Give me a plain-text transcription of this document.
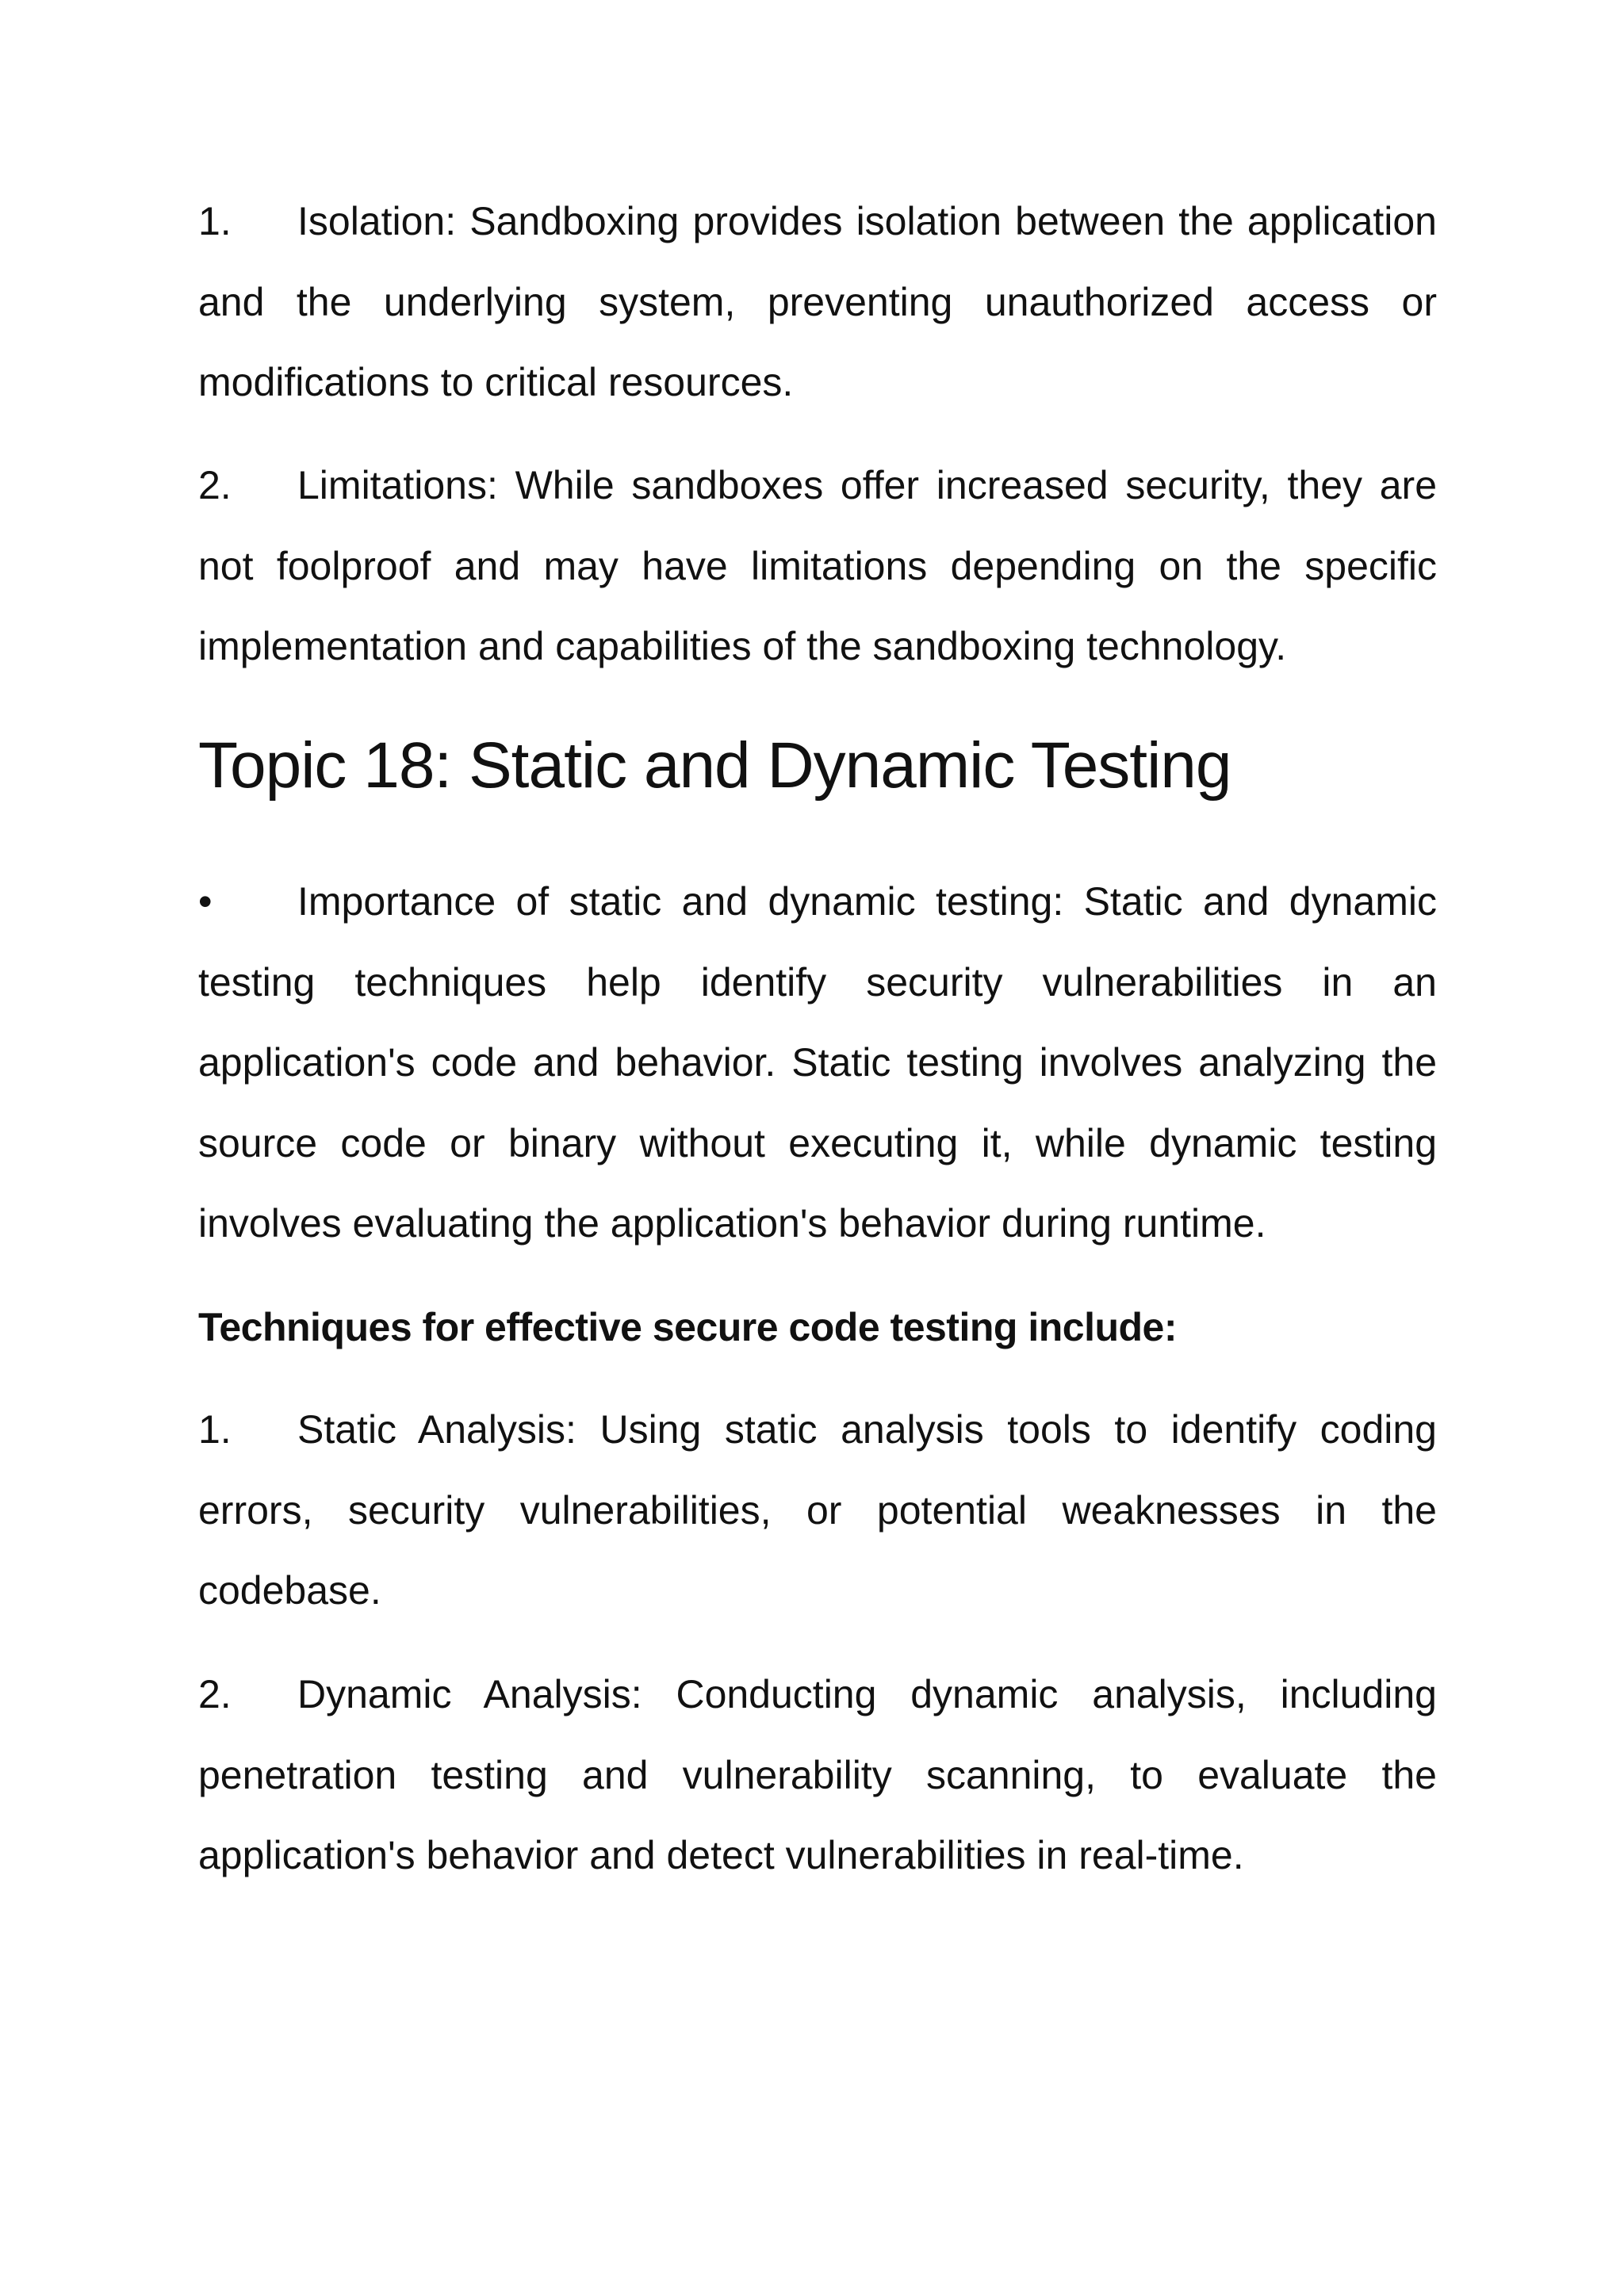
1. Isolation: Sandboxing provides isolation between the application and the underlying system, preventing unauthorized access or modifications to critical resources.

2. Limitations: While sandboxes offer increased security, they are not foolproof and may have limitations depending on the specific implementation and capabilities of the sandboxing technology.

Topic 18: Static and Dynamic Testing

• Importance of static and dynamic testing: Static and dynamic testing techniques help identify security vulnerabilities in an application's code and behavior. Static testing involves analyzing the source code or binary without executing it, while dynamic testing involves evaluating the application's behavior during runtime.

Techniques for effective secure code testing include:

1. Static Analysis: Using static analysis tools to identify coding errors, security vulnerabilities, or potential weaknesses in the codebase.

2. Dynamic Analysis: Conducting dynamic analysis, including penetration testing and vulnerability scanning, to evaluate the application's behavior and detect vulnerabilities in real-time.
